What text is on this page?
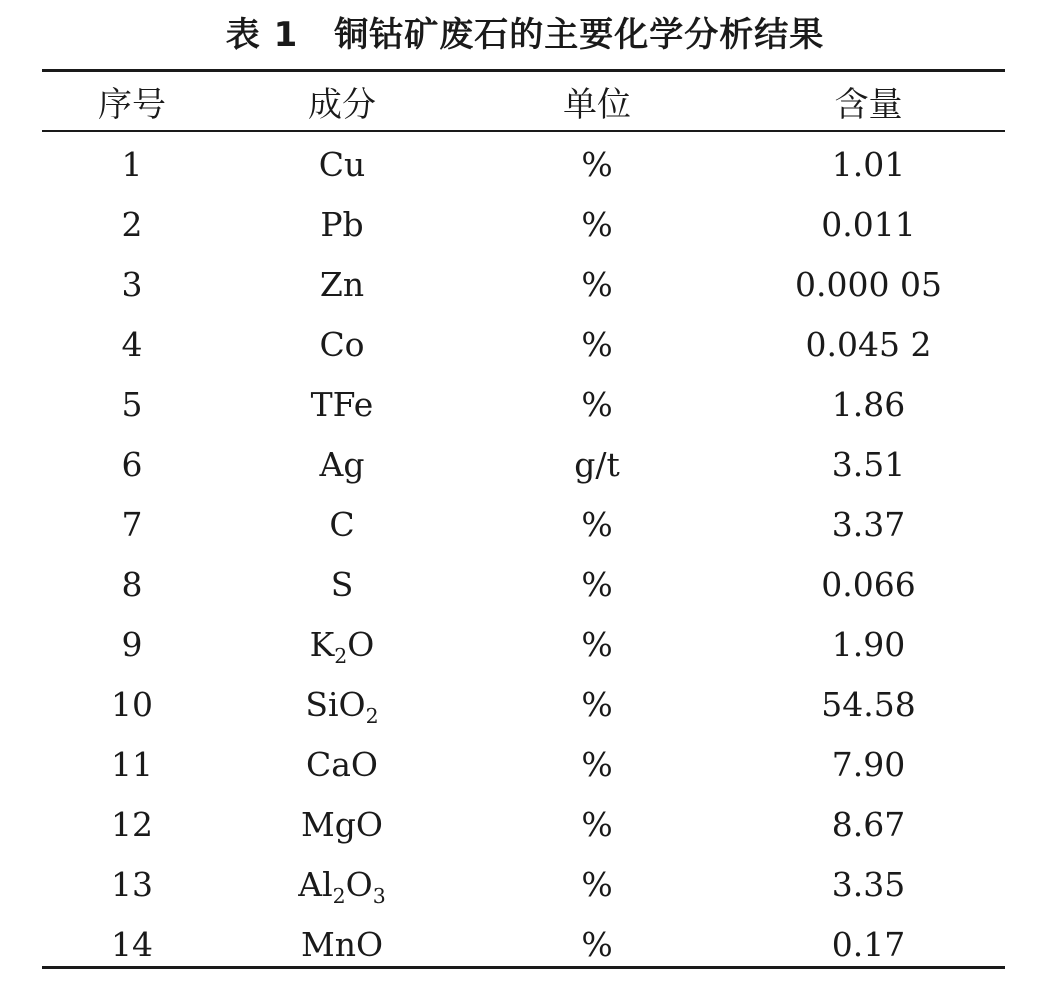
表 1 铜钴矿废石的主要化学分析结果
序号	成分	单位	含量
1	Cu	%	1.01
2	Pb	%	0.011
3	Zn	%	0.000 05
4	Co	%	0.045 2
5	TFe	%	1.86
6	Ag	g/t	3.51
7	C	%	3.37
8	S	%	0.066
9	$K_2O$	%	1.90
10	SiO$_2$	%	54.58
11	CaO	%	7.90
12	MgO	%	8.67
13	$Al_2O_3$	%	3.35
14	MnO	%	0.17
